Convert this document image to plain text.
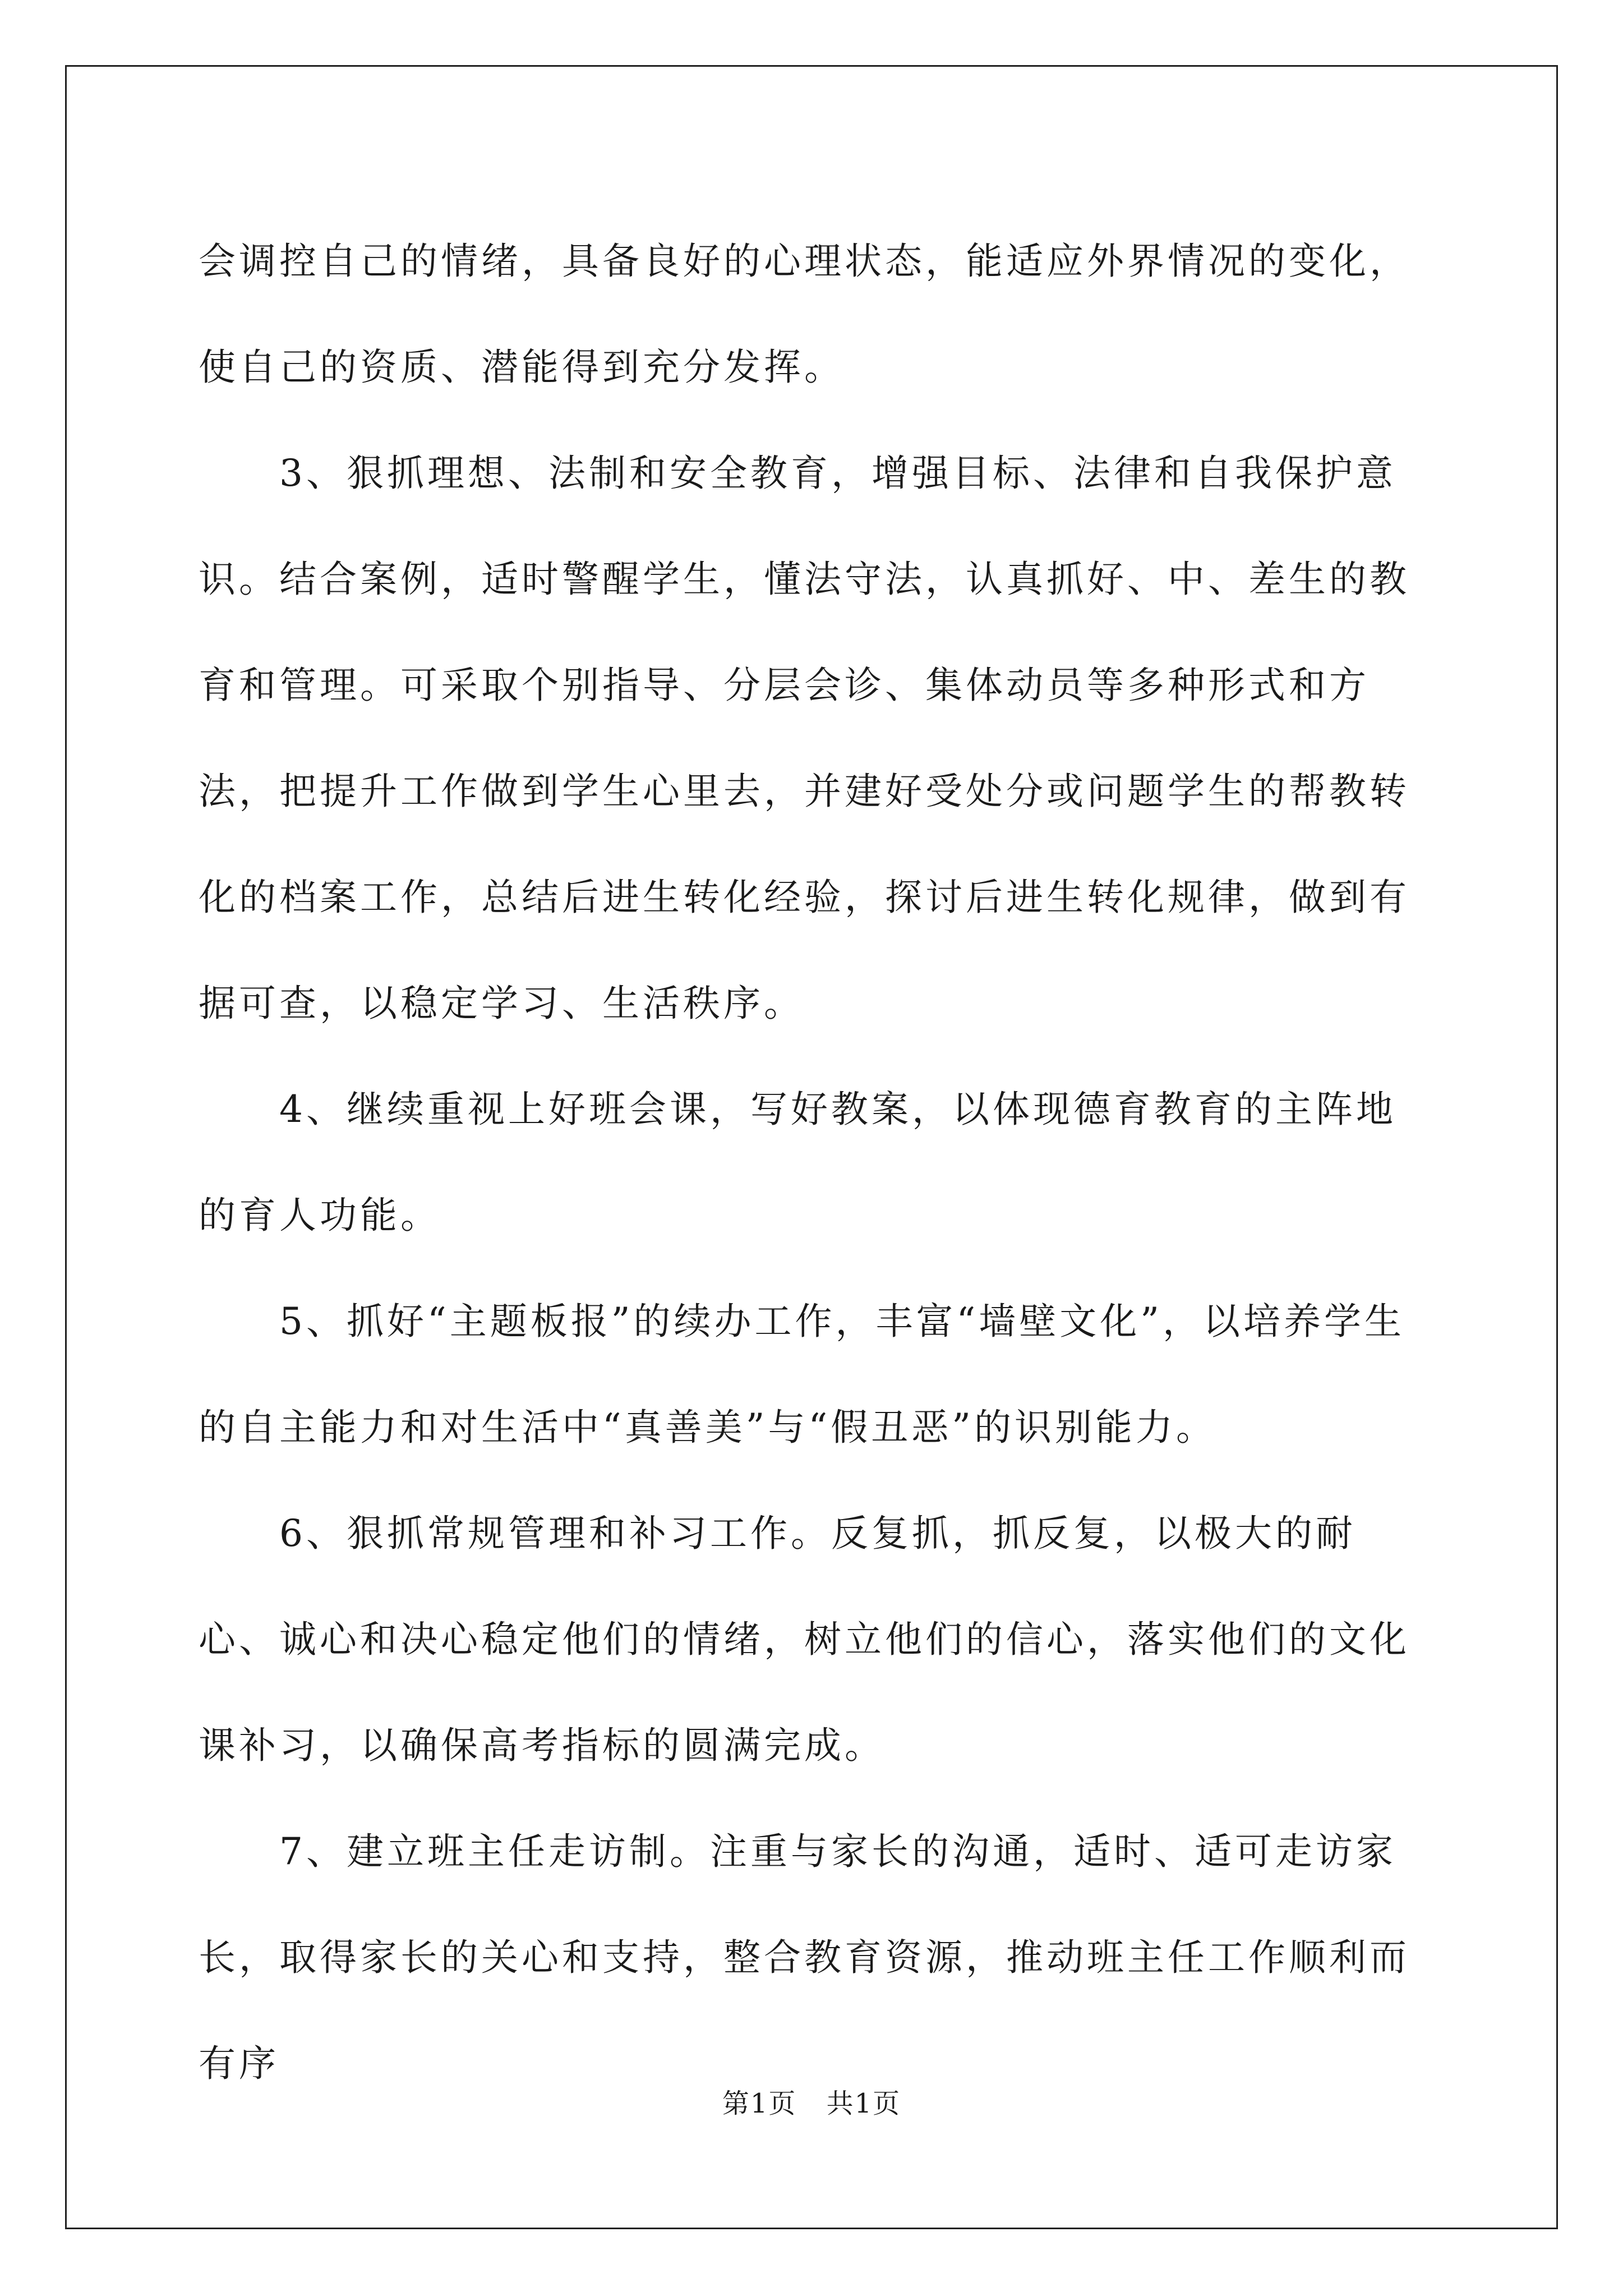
会调控自己的情绪，具备良好的心理状态，能适应外界情况的变化，使自己的资质、潜能得到充分发挥。

3、狠抓理想、法制和安全教育，增强目标、法律和自我保护意识。结合案例，适时警醒学生，懂法守法，认真抓好、中、差生的教育和管理。可采取个别指导、分层会诊、集体动员等多种形式和方法，把提升工作做到学生心里去，并建好受处分或问题学生的帮教转化的档案工作，总结后进生转化经验，探讨后进生转化规律，做到有据可查，以稳定学习、生活秩序。

4、继续重视上好班会课，写好教案，以体现德育教育的主阵地的育人功能。

5、抓好“主题板报”的续办工作，丰富“墙壁文化”，以培养学生的自主能力和对生活中“真善美”与“假丑恶”的识别能力。

6、狠抓常规管理和补习工作。反复抓，抓反复，以极大的耐心、诚心和决心稳定他们的情绪，树立他们的信心，落实他们的文化课补习，以确保高考指标的圆满完成。

7、建立班主任走访制。注重与家长的沟通，适时、适可走访家长，取得家长的关心和支持，整合教育资源，推动班主任工作顺利而有序

第1页 共1页
